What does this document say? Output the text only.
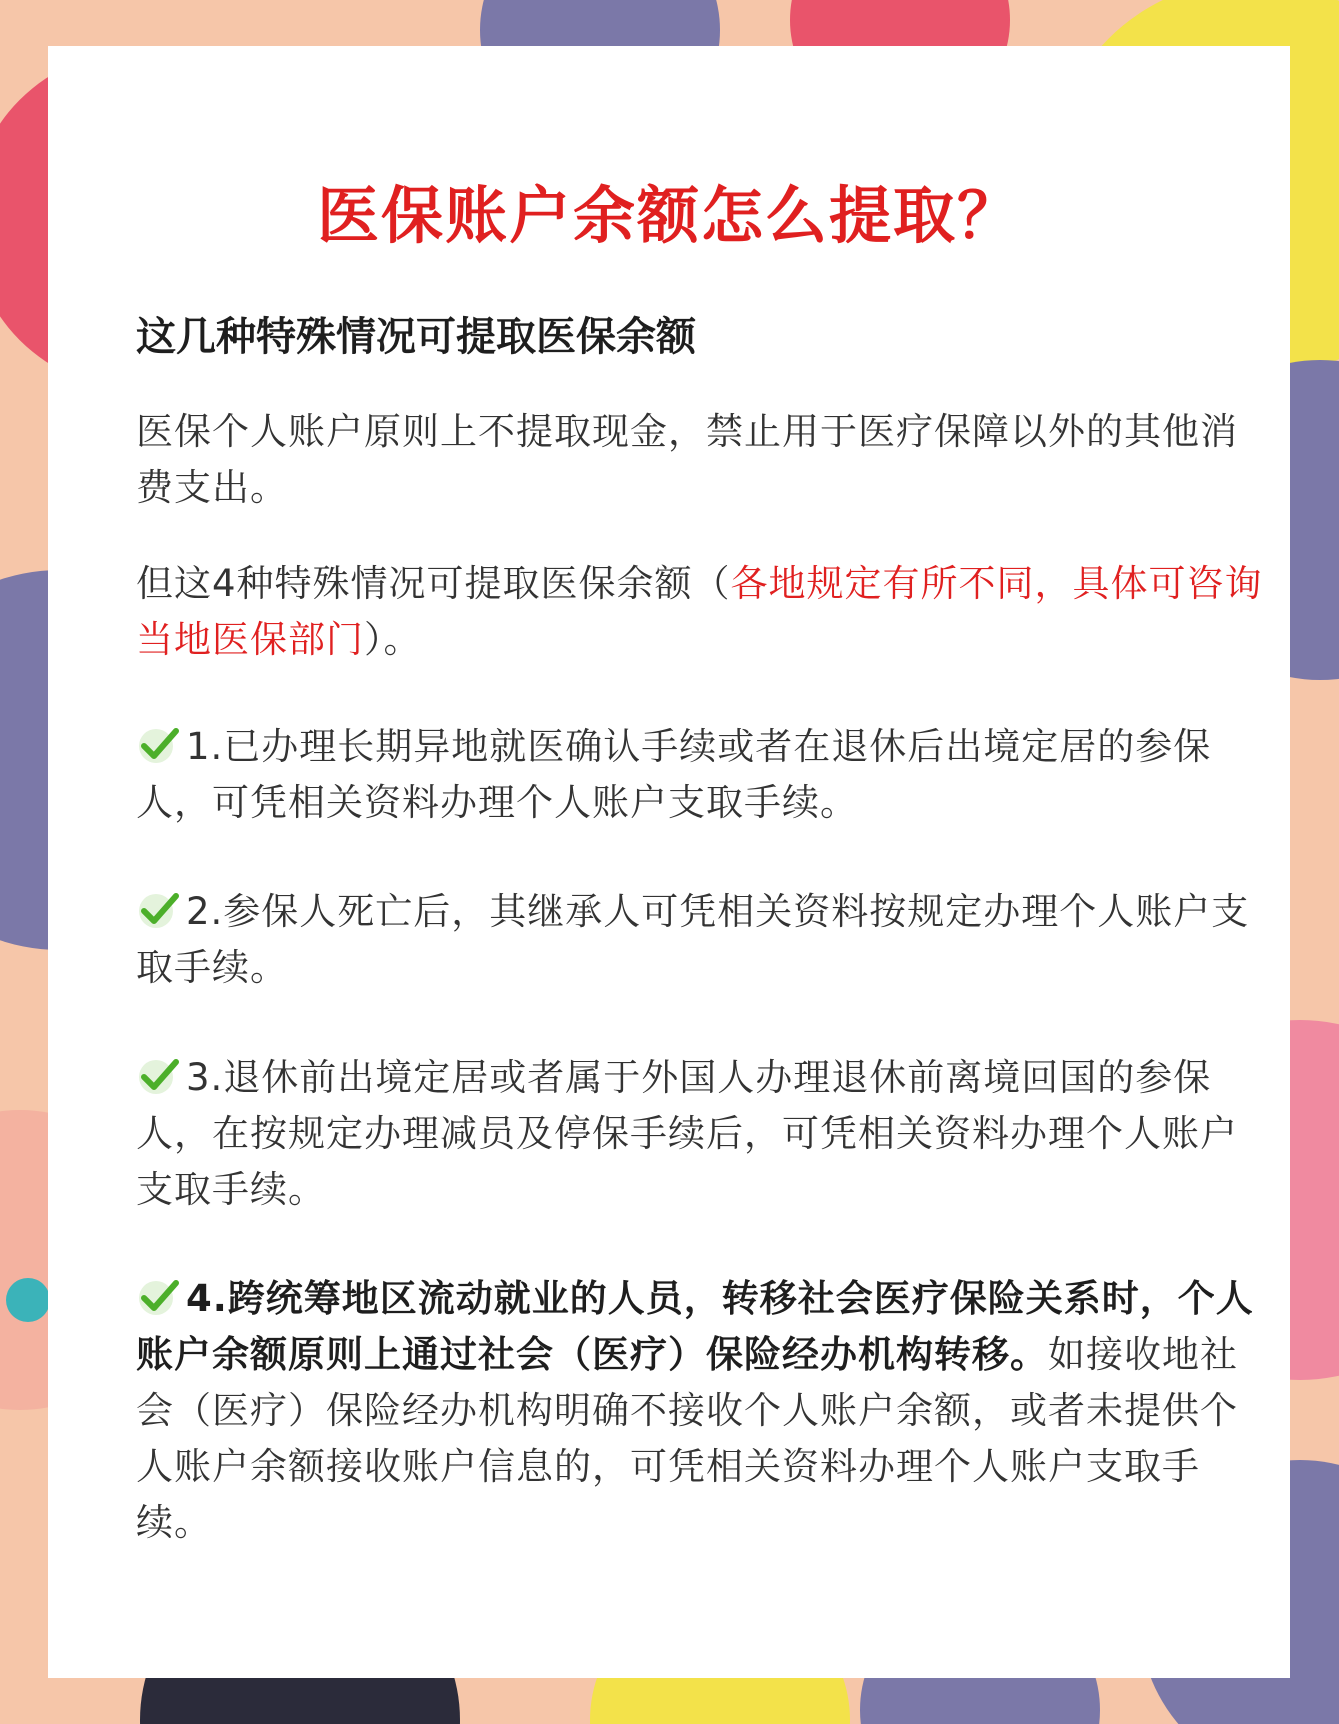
医保账户余额怎么提取？
这几种特殊情况可提取医保余额

医保个人账户原则上不提取现金，禁止用于医疗保障以外的其他消费支出。

但这4种特殊情况可提取医保余额（各地规定有所不同，具体可咨询当地医保部门）。

1.已办理长期异地就医确认手续或者在退休后出境定居的参保人，可凭相关资料办理个人账户支取手续。

2.参保人死亡后，其继承人可凭相关资料按规定办理个人账户支取手续。

3.退休前出境定居或者属于外国人办理退休前离境回国的参保人，在按规定办理减员及停保手续后，可凭相关资料办理个人账户支取手续。

4.跨统筹地区流动就业的人员，转移社会医疗保险关系时，个人账户余额原则上通过社会（医疗）保险经办机构转移。如接收地社会（医疗）保险经办机构明确不接收个人账户余额，或者未提供个人账户余额接收账户信息的，可凭相关资料办理个人账户支取手续。
